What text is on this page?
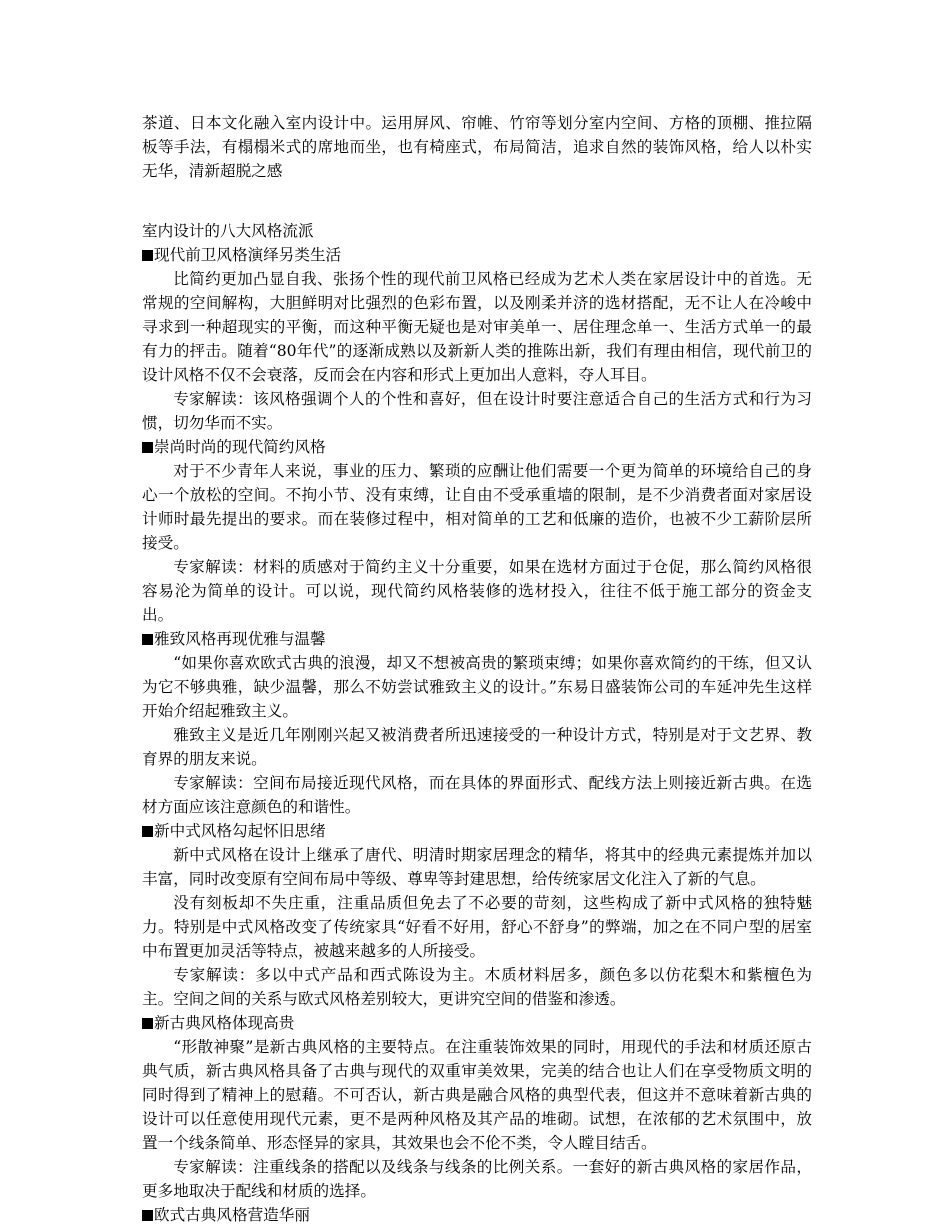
茶道、日本文化融入室内设计中。运用屏风、帘帷、竹帘等划分室内空间、方格的顶棚、推拉隔板等手法，有榻榻米式的席地而坐，也有椅座式，布局简洁，追求自然的装饰风格，给人以朴实无华，清新超脱之感

室内设计的八大风格流派

现代前卫风格演绎另类生活

比简约更加凸显自我、张扬个性的现代前卫风格已经成为艺术人类在家居设计中的首选。无常规的空间解构，大胆鲜明对比强烈的色彩布置，以及刚柔并济的选材搭配，无不让人在冷峻中寻求到一种超现实的平衡，而这种平衡无疑也是对审美单一、居住理念单一、生活方式单一的最有力的抨击。随着“80年代”的逐渐成熟以及新新人类的推陈出新，我们有理由相信，现代前卫的设计风格不仅不会衰落，反而会在内容和形式上更加出人意料，夺人耳目。

专家解读：该风格强调个人的个性和喜好，但在设计时要注意适合自己的生活方式和行为习惯，切勿华而不实。

崇尚时尚的现代简约风格

对于不少青年人来说，事业的压力、繁琐的应酬让他们需要一个更为简单的环境给自己的身心一个放松的空间。不拘小节、没有束缚，让自由不受承重墙的限制，是不少消费者面对家居设计师时最先提出的要求。而在装修过程中，相对简单的工艺和低廉的造价，也被不少工薪阶层所接受。

专家解读：材料的质感对于简约主义十分重要，如果在选材方面过于仓促，那么简约风格很容易沦为简单的设计。可以说，现代简约风格装修的选材投入，往往不低于施工部分的资金支出。

雅致风格再现优雅与温馨

“如果你喜欢欧式古典的浪漫，却又不想被高贵的繁琐束缚；如果你喜欢简约的干练，但又认为它不够典雅，缺少温馨，那么不妨尝试雅致主义的设计。”东易日盛装饰公司的车延冲先生这样开始介绍起雅致主义。

雅致主义是近几年刚刚兴起又被消费者所迅速接受的一种设计方式，特别是对于文艺界、教育界的朋友来说。

专家解读：空间布局接近现代风格，而在具体的界面形式、配线方法上则接近新古典。在选材方面应该注意颜色的和谐性。

新中式风格勾起怀旧思绪

新中式风格在设计上继承了唐代、明清时期家居理念的精华，将其中的经典元素提炼并加以丰富，同时改变原有空间布局中等级、尊卑等封建思想，给传统家居文化注入了新的气息。

没有刻板却不失庄重，注重品质但免去了不必要的苛刻，这些构成了新中式风格的独特魅力。特别是中式风格改变了传统家具“好看不好用，舒心不舒身”的弊端，加之在不同户型的居室中布置更加灵活等特点，被越来越多的人所接受。

专家解读：多以中式产品和西式陈设为主。木质材料居多，颜色多以仿花梨木和紫檀色为主。空间之间的关系与欧式风格差别较大，更讲究空间的借鉴和渗透。

新古典风格体现高贵

“形散神聚”是新古典风格的主要特点。在注重装饰效果的同时，用现代的手法和材质还原古典气质，新古典风格具备了古典与现代的双重审美效果，完美的结合也让人们在享受物质文明的同时得到了精神上的慰藉。不可否认，新古典是融合风格的典型代表，但这并不意味着新古典的设计可以任意使用现代元素，更不是两种风格及其产品的堆砌。试想，在浓郁的艺术氛围中，放置一个线条简单、形态怪异的家具，其效果也会不伦不类，令人瞠目结舌。

专家解读：注重线条的搭配以及线条与线条的比例关系。一套好的新古典风格的家居作品，更多地取决于配线和材质的选择。

欧式古典风格营造华丽
